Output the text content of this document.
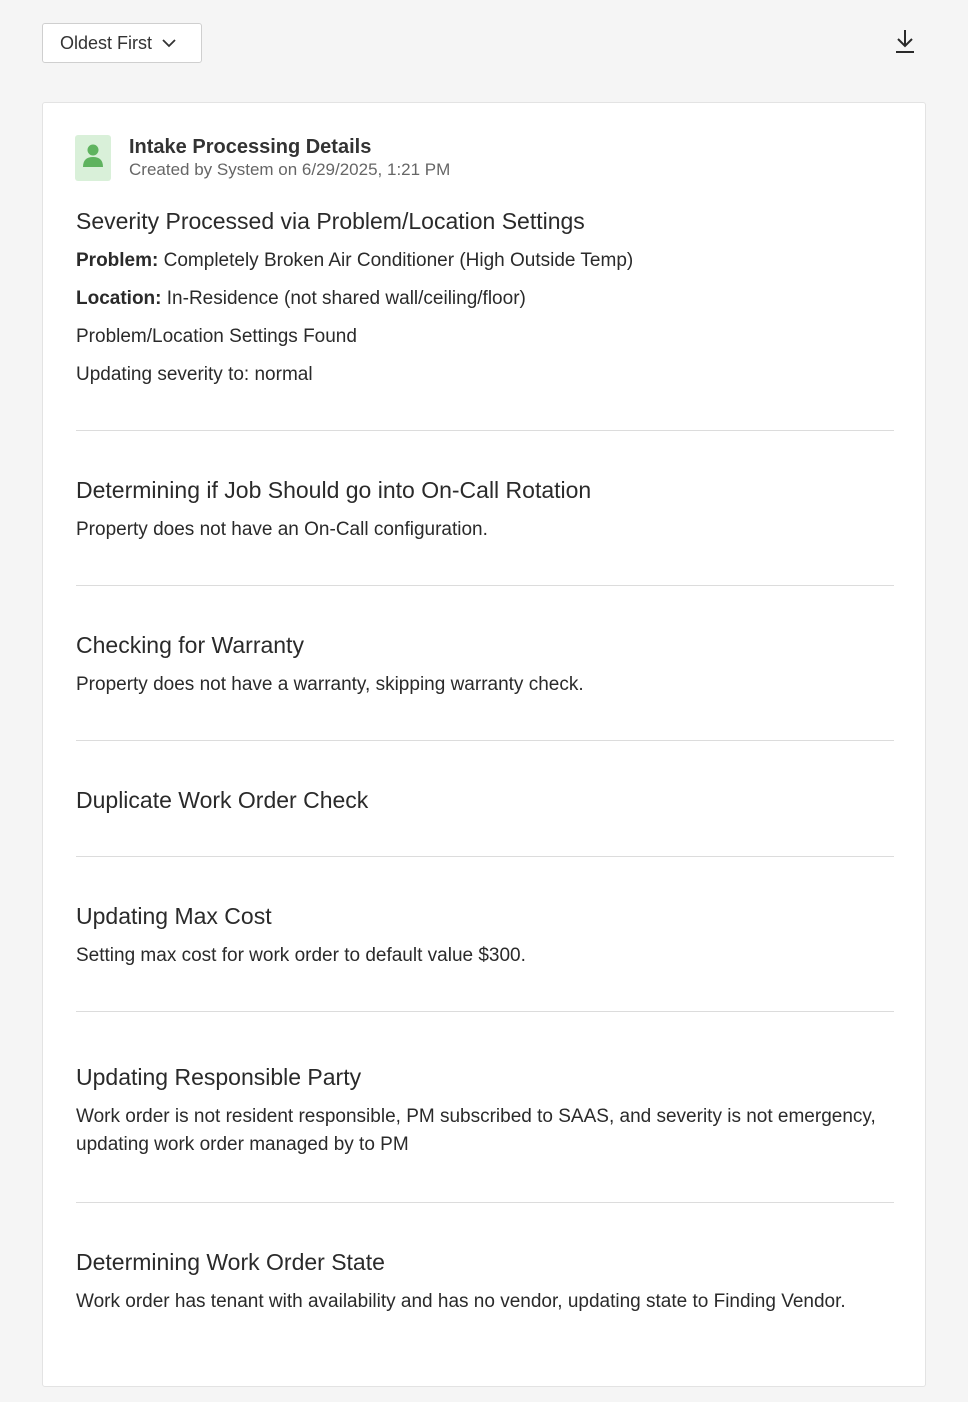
Oldest First
Intake Processing Details
Created by System on 6/29/2025, 1:21 PM
Severity Processed via Problem/Location Settings

Problem: Completely Broken Air Conditioner (High Outside Temp)

Location: In-Residence (not shared wall/ceiling/floor)

Problem/Location Settings Found

Updating severity to: normal

Determining if Job Should go into On-Call Rotation

Property does not have an On-Call configuration.

Checking for Warranty

Property does not have a warranty, skipping warranty check.

Duplicate Work Order Check
Updating Max Cost

Setting max cost for work order to default value $300.

Updating Responsible Party

Work order is not resident responsible, PM subscribed to SAAS, and severity is not emergency, updating work order managed by to PM

Determining Work Order State

Work order has tenant with availability and has no vendor, updating state to Finding Vendor.
